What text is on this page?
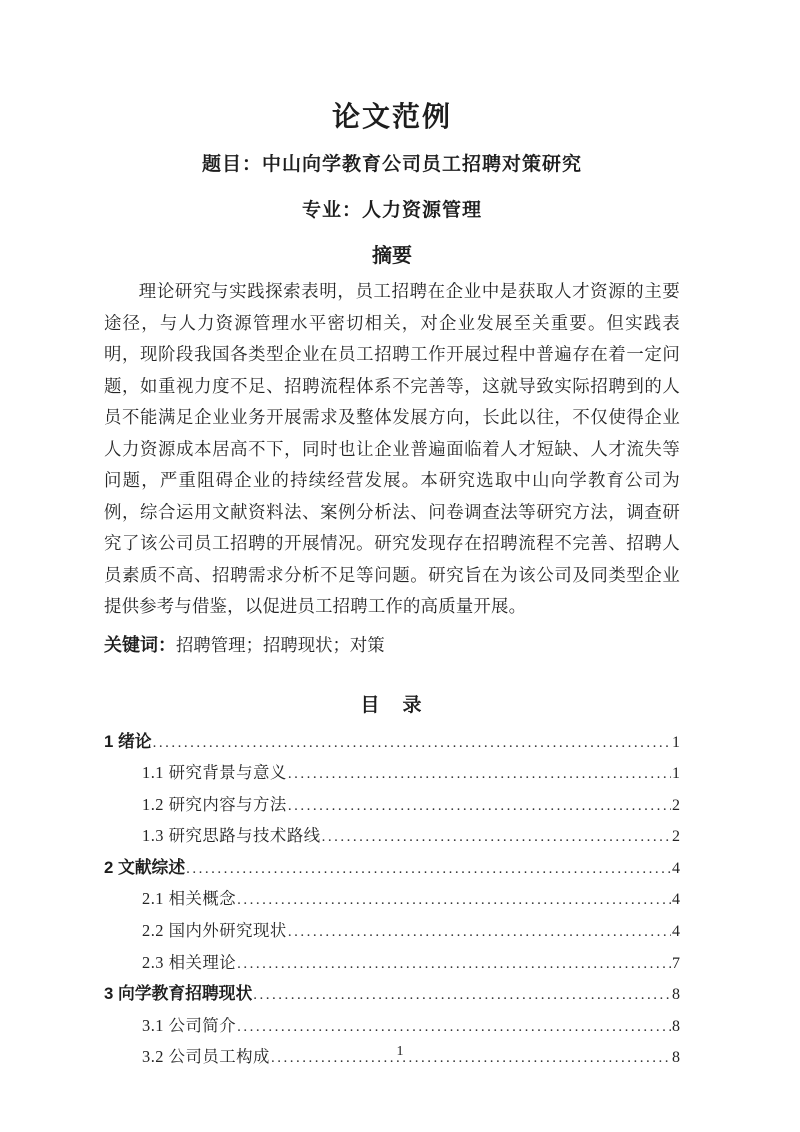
论文范例
题目：中山向学教育公司员工招聘对策研究
专业：人力资源管理
摘要

理论研究与实践探索表明，员工招聘在企业中是获取人才资源的主要途径，与人力资源管理水平密切相关，对企业发展至关重要。但实践表明，现阶段我国各类型企业在员工招聘工作开展过程中普遍存在着一定问题，如重视力度不足、招聘流程体系不完善等，这就导致实际招聘到的人员不能满足企业业务开展需求及整体发展方向，长此以往，不仅使得企业人力资源成本居高不下，同时也让企业普遍面临着人才短缺、人才流失等问题，严重阻碍企业的持续经营发展。本研究选取中山向学教育公司为例，综合运用文献资料法、案例分析法、问卷调查法等研究方法，调查研究了该公司员工招聘的开展情况。研究发现存在招聘流程不完善、招聘人员素质不高、招聘需求分析不足等问题。研究旨在为该公司及同类型企业提供参考与借鉴，以促进员工招聘工作的高质量开展。

关键词：招聘管理；招聘现状；对策
目　录
1 绪论 .....	1
1.1 研究背景与意义 .....	1
1.2 研究内容与方法 .....	2
1.3 研究思路与技术路线 .....	2
2 文献综述 .....	4
2.1 相关概念 .....	4
2.2 国内外研究现状 .....	4
2.3 相关理论 .....	7
3 向学教育招聘现状 .....	8
3.1 公司简介 .....	8
3.2 公司员工构成 .....	8
1
